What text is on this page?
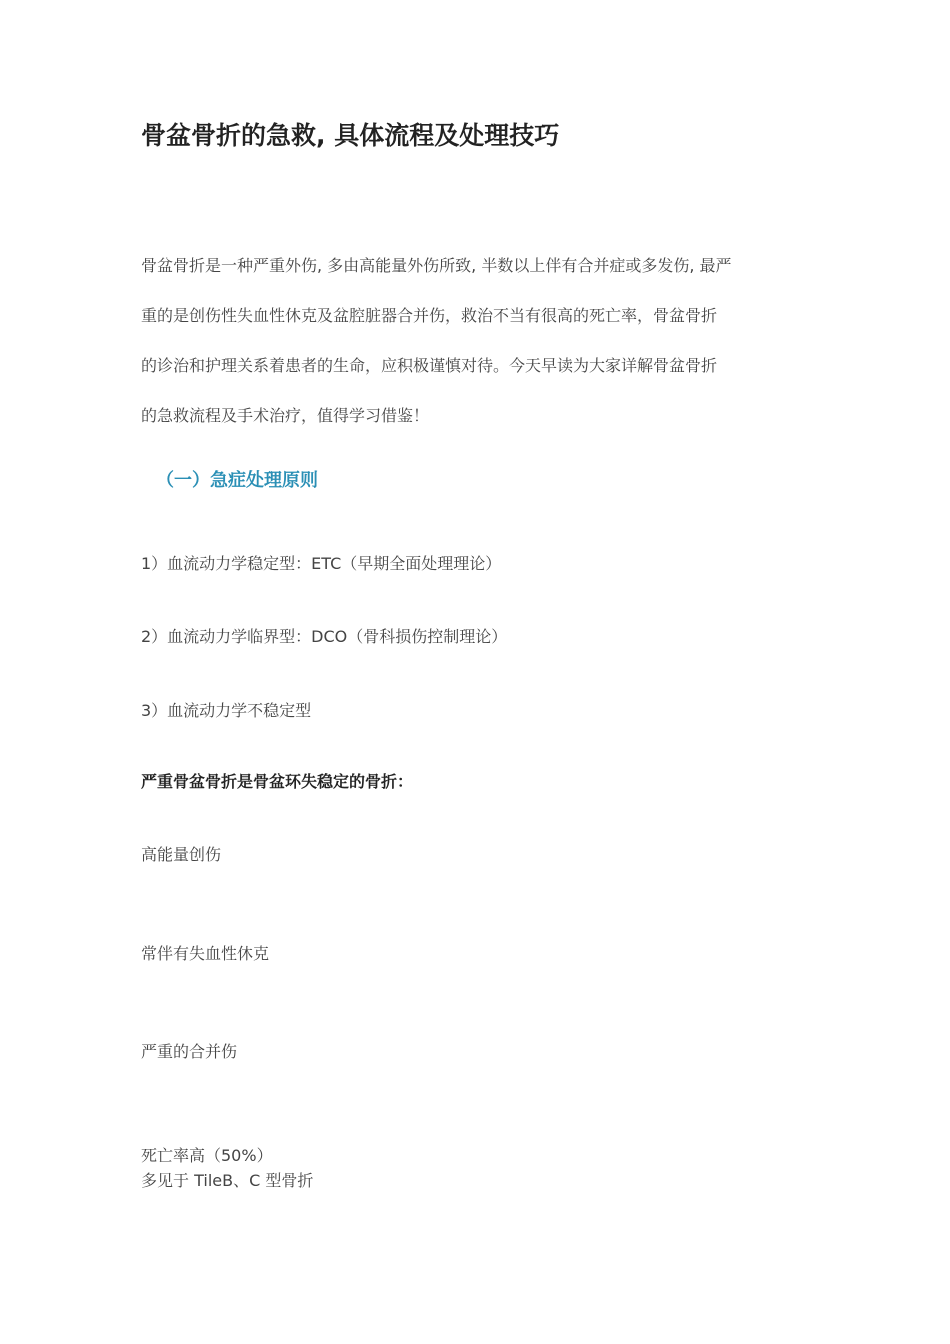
骨盆骨折的急救, 具体流程及处理技巧
骨盆骨折是一种严重外伤, 多由高能量外伤所致, 半数以上伴有合并症或多发伤, 最严
重的是创伤性失血性休克及盆腔脏器合并伤，救治不当有很高的死亡率，骨盆骨折
的诊治和护理关系着患者的生命，应积极谨慎对待。今天早读为大家详解骨盆骨折
的急救流程及手术治疗，值得学习借鉴！
（一）急症处理原则
1）血流动力学稳定型：ETC（早期全面处理理论）
2）血流动力学临界型：DCO（骨科损伤控制理论）
3）血流动力学不稳定型
严重骨盆骨折是骨盆环失稳定的骨折：
高能量创伤
常伴有失血性休克
严重的合并伤
死亡率高（50%）
多见于 TileB、C 型骨折
